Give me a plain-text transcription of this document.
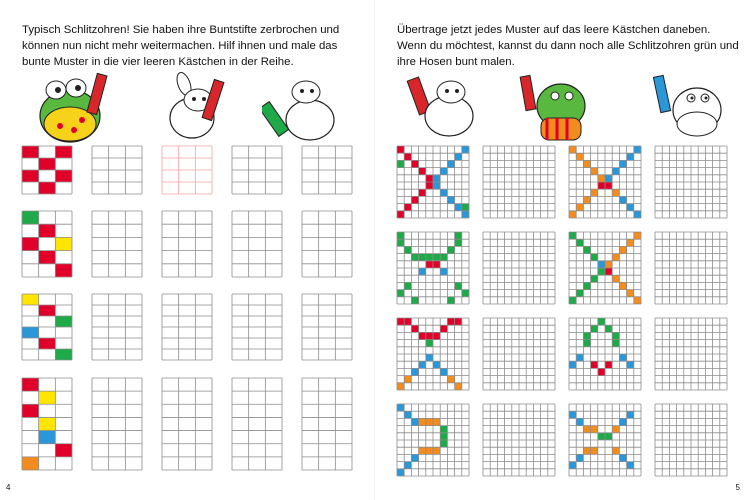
Typisch Schlitzohren! Sie haben ihre Buntstifte zerbrochen und können nun nicht mehr weitermachen. Hilf ihnen und male das bunte Muster in die vier leeren Kästchen in der Reihe.

4

Übertrage jetzt jedes Muster auf das leere Kästchen daneben. Wenn du möchtest, kannst du dann noch alle Schlitzohren grün und ihre Hosen bunt malen.

5
